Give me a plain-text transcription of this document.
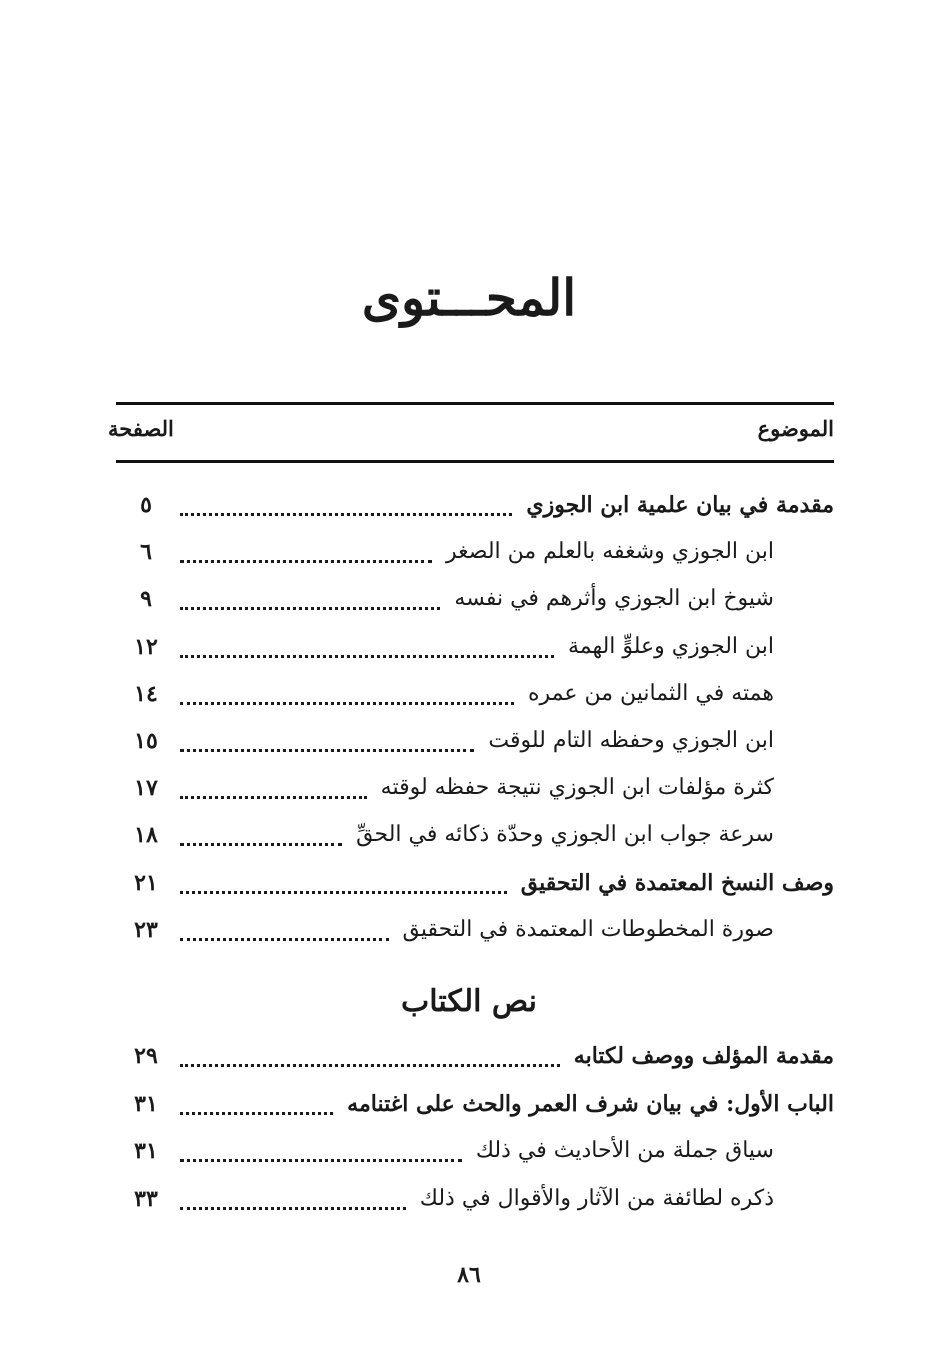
المحـــتوى
الموضوع
الصفحة
مقدمة في بيان علمية ابن الجوزي
٥
ابن الجوزي وشغفه بالعلم من الصغر
٦
شيوخ ابن الجوزي وأثرهم في نفسه
٩
ابن الجوزي وعلوٍّ الهمة
١٢
همته في الثمانين من عمره
١٤
ابن الجوزي وحفظه التام للوقت
١٥
كثرة مؤلفات ابن الجوزي نتيجة حفظه لوقته
١٧
سرعة جواب ابن الجوزي وحدّة ذكائه في الحقِّ
١٨
وصف النسخ المعتمدة في التحقيق
٢١
صورة المخطوطات المعتمدة في التحقيق
٢٣
نص الكتاب
مقدمة المؤلف ووصف لكتابه
٢٩
الباب الأول: في بيان شرف العمر والحث على اغتنامه
٣١
سياق جملة من الأحاديث في ذلك
٣١
ذكره لطائفة من الآثار والأقوال في ذلك
٣٣
٨٦
